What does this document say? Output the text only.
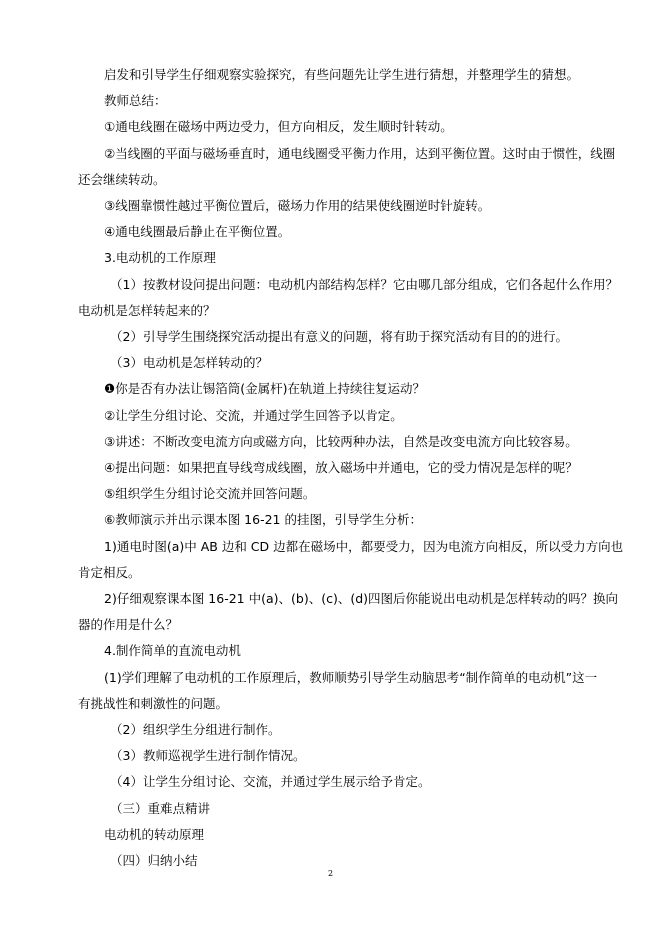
启发和引导学生仔细观察实验探究，有些问题先让学生进行猜想，并整理学生的猜想。

教师总结：

①通电线圈在磁场中两边受力，但方向相反，发生顺时针转动。

②当线圈的平面与磁场垂直时，通电线圈受平衡力作用，达到平衡位置。这时由于惯性，线圈

还会继续转动。

③线圈靠惯性越过平衡位置后，磁场力作用的结果使线圈逆时针旋转。

④通电线圈最后静止在平衡位置。

3.电动机的工作原理

（1）按教材设问提出问题：电动机内部结构怎样？它由哪几部分组成，它们各起什么作用？

电动机是怎样转起来的？

（2）引导学生围绕探究活动提出有意义的问题，将有助于探究活动有目的的进行。

（3）电动机是怎样转动的？

❶你是否有办法让锡箔筒(金属杆)在轨道上持续往复运动？

②让学生分组讨论、交流，并通过学生回答予以肯定。

③讲述：不断改变电流方向或磁方向，比较两种办法，自然是改变电流方向比较容易。

④提出问题：如果把直导线弯成线圈，放入磁场中并通电，它的受力情况是怎样的呢？

⑤组织学生分组讨论交流并回答问题。

⑥教师演示并出示课本图 16-21 的挂图，引导学生分析：

1)通电时图(a)中 AB 边和 CD 边都在磁场中，都要受力，因为电流方向相反，所以受力方向也

肯定相反。

2)仔细观察课本图 16-21 中(a)、(b)、(c)、(d)四图后你能说出电动机是怎样转动的吗？换向

器的作用是什么？

4.制作简单的直流电动机

(1)学们理解了电动机的工作原理后，教师顺势引导学生动脑思考“制作简单的电动机”这一

有挑战性和刺激性的问题。

（2）组织学生分组进行制作。

（3）教师巡视学生进行制作情况。

（4）让学生分组讨论、交流，并通过学生展示给予肯定。

（三）重难点精讲

电动机的转动原理

（四）归纳小结

2
